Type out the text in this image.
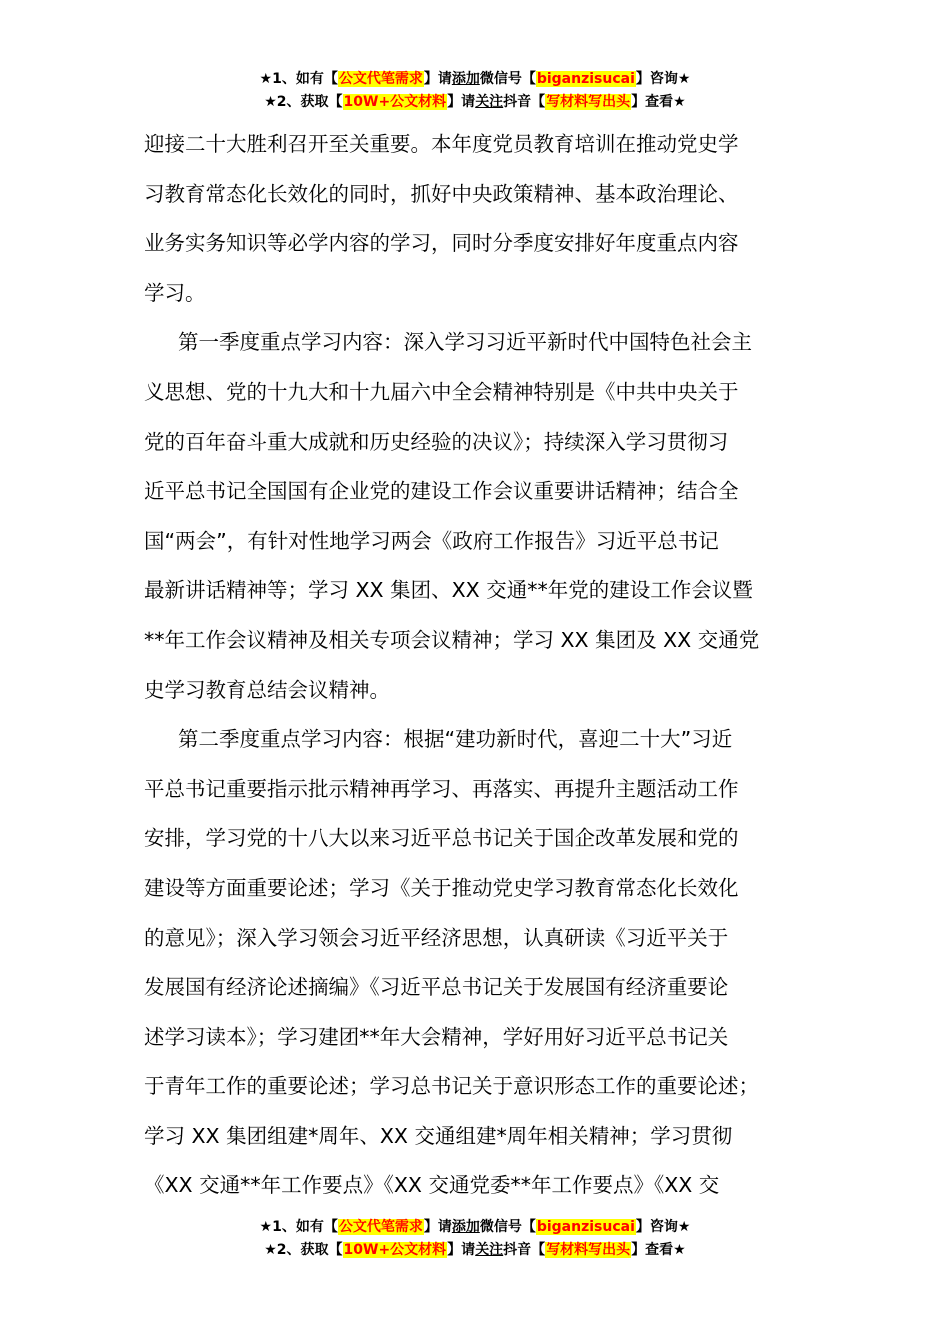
★1、如有【公文代笔需求】请添加微信号【biganzisucai】咨询★
★2、获取【10W+公文材料】请关注抖音【写材料写出头】查看★
迎接二十大胜利召开至关重要。本年度党员教育培训在推动党史学
习教育常态化长效化的同时，抓好中央政策精神、基本政治理论、
业务实务知识等必学内容的学习，同时分季度安排好年度重点内容
学习。
第一季度重点学习内容：深入学习习近平新时代中国特色社会主
义思想、党的十九大和十九届六中全会精神特别是《中共中央关于
党的百年奋斗重大成就和历史经验的决议》；持续深入学习贯彻习
近平总书记全国国有企业党的建设工作会议重要讲话精神；结合全
国“两会”，有针对性地学习两会《政府工作报告》习近平总书记
最新讲话精神等；学习 XX 集团、XX 交通**年党的建设工作会议暨
**年工作会议精神及相关专项会议精神；学习 XX 集团及 XX 交通党
史学习教育总结会议精神。
第二季度重点学习内容：根据“建功新时代，喜迎二十大”习近
平总书记重要指示批示精神再学习、再落实、再提升主题活动工作
安排，学习党的十八大以来习近平总书记关于国企改革发展和党的
建设等方面重要论述；学习《关于推动党史学习教育常态化长效化
的意见》；深入学习领会习近平经济思想，认真研读《习近平关于
发展国有经济论述摘编》《习近平总书记关于发展国有经济重要论
述学习读本》；学习建团**年大会精神，学好用好习近平总书记关
于青年工作的重要论述；学习总书记关于意识形态工作的重要论述；
学习 XX 集团组建*周年、XX 交通组建*周年相关精神；学习贯彻
《XX 交通**年工作要点》《XX 交通党委**年工作要点》《XX 交
★1、如有【公文代笔需求】请添加微信号【biganzisucai】咨询★
★2、获取【10W+公文材料】请关注抖音【写材料写出头】查看★
